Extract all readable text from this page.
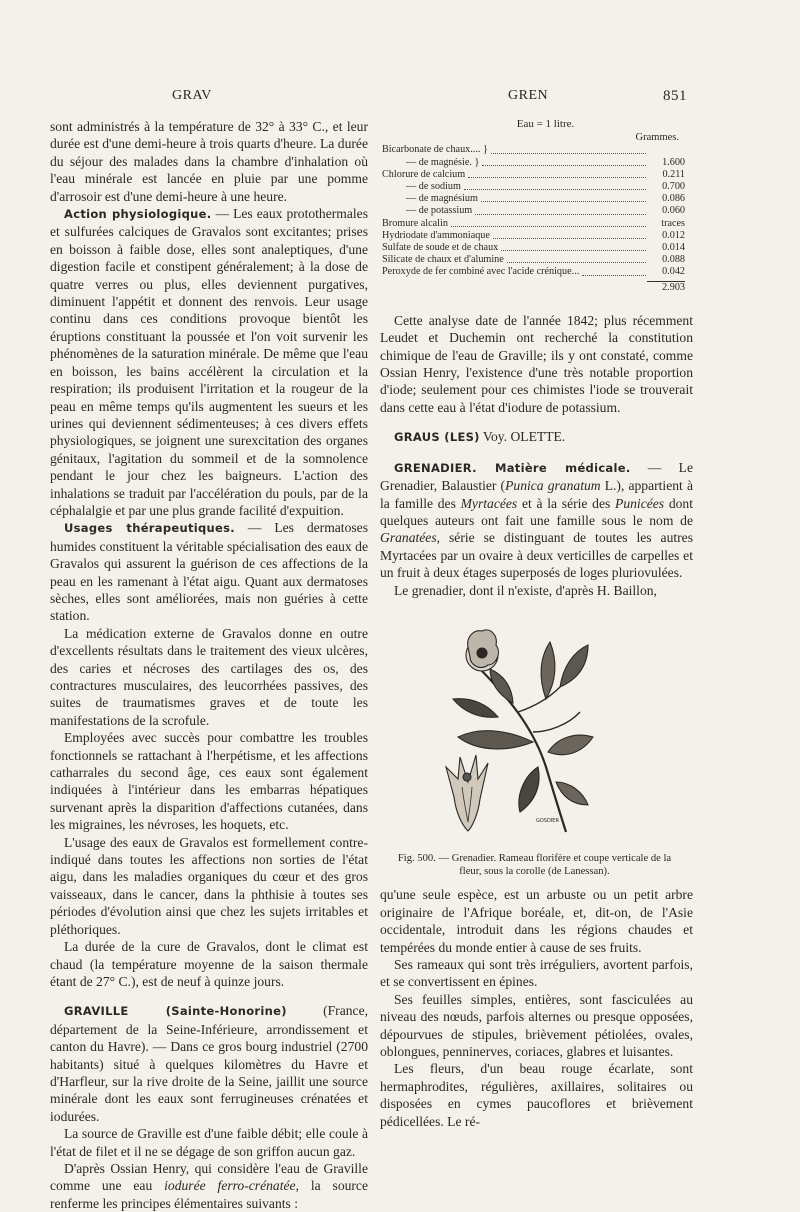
GRAV	GREN	851

sont administrés à la température de 32° à 33° C., et leur durée est d'une demi-heure à trois quarts d'heure. La durée du séjour des malades dans la chambre d'inhalation où l'eau minérale est lancée en pluie par une pomme d'arrosoir est d'une demi-heure à une heure.

Action physiologique. — Les eaux protothermales et sulfurées calciques de Gravalos sont excitantes; prises en boisson à faible dose, elles sont analeptiques, d'une digestion facile et constipent généralement; à la dose de quatre verres ou plus, elles deviennent purgatives, diminuent l'appétit et donnent des renvois. Leur usage continu dans ces conditions provoque bientôt les éruptions constituant la poussée et l'on voit survenir les phénomènes de la saturation minérale. De même que l'eau en boisson, les bains accélèrent la circulation et la respiration; ils produisent l'irritation et la rougeur de la peau en même temps qu'ils augmentent les sueurs et les urines qui deviennent sédimenteuses; à ces divers effets physiologiques, se joignent une surexcitation des organes génitaux, l'agitation du sommeil et de la somnolence pendant le jour chez les baigneurs. L'action des inhalations se traduit par l'accélération du pouls, par de la céphalalgie et par une plus grande facilité d'expuition.

Usages thérapeutiques. — Les dermatoses humides constituent la véritable spécialisation des eaux de Gravalos qui assurent la guérison de ces affections de la peau en les ramenant à l'état aigu. Quant aux dermatoses sèches, elles sont améliorées, mais non guéries à cette station.

La médication externe de Gravalos donne en outre d'excellents résultats dans le traitement des vieux ulcères, des caries et nécroses des cartilages des os, des contractures musculaires, des leucorrhées passives, des suites de traumatismes graves et de toute les manifestations de la scrofule.

Employées avec succès pour combattre les troubles fonctionnels se rattachant à l'herpétisme, et les affections catharrales du second âge, ces eaux sont également indiquées à l'intérieur dans les embarras hépatiques survenant après la disparition d'affections cutanées, dans les migraines, les névroses, les hoquets, etc.

L'usage des eaux de Gravalos est formellement contre-indiqué dans toutes les affections non sorties de l'état aigu, dans les maladies organiques du cœur et des gros vaisseaux, dans le cancer, dans la phthisie à toutes ses périodes d'évolution ainsi que chez les sujets irritables et pléthoriques.

La durée de la cure de Gravalos, dont le climat est chaud (la température moyenne de la saison thermale étant de 27° C.), est de neuf à quinze jours.

GRAVILLE (Sainte-Honorine) (France, département de la Seine-Inférieure, arrondissement et canton du Havre). — Dans ce gros bourg industriel (2700 habitants) situé à quelques kilomètres du Havre et d'Harfleur, sur la rive droite de la Seine, jaillit une source minérale dont les eaux sont ferrugineuses crénatées et iodurées.

La source de Graville est d'une faible débit; elle coule à l'état de filet et il ne se dégage de son griffon aucun gaz.

D'après Ossian Henry, qui considère l'eau de Graville comme une eau iodurée ferro-crénatée, la source renferme les principes élémentaires suivants :

Eau = 1 litre.
Grammes.
Bicarbonate de chaux.... }
— de magnésie. }	1.600
Chlorure de calcium	0.211
— de sodium	0.700
— de magnésium	0.086
— de potassium	0.060
Bromure alcalin	traces
Hydriodate d'ammoniaque	0.012
Sulfate de soude et de chaux	0.014
Silicate de chaux et d'alumine	0.088
Peroxyde de fer combiné avec l'acide crénique...	0.042
2.903

Cette analyse date de l'année 1842; plus récemment Leudet et Duchemin ont recherché la constitution chimique de l'eau de Graville; ils y ont constaté, comme Ossian Henry, l'existence d'une très notable proportion d'iode; seulement pour ces chimistes l'iode se trouverait dans cette eau à l'état d'iodure de potassium.

GRAUS (LES) Voy. OLETTE.

GRENADIER. Matière médicale. — Le Grenadier, Balaustier (Punica granatum L.), appartient à la famille des Myrtacées et à la série des Punicées dont quelques auteurs ont fait une famille sous le nom de Granatées, série se distinguant de toutes les autres Myrtacées par un ovaire à deux verticilles de carpelles et un fruit à deux étages superposés de loges pluriovulées.

Le grenadier, dont il n'existe, d'après H. Baillon,

GOSDIER
Fig. 500. — Grenadier. Rameau florifère et coupe verticale de la fleur, sous la corolle (de Lanessan).

qu'une seule espèce, est un arbuste ou un petit arbre originaire de l'Afrique boréale, et, dit-on, de l'Asie occidentale, introduit dans les régions chaudes et tempérées du monde entier à cause de ses fruits.

Ses rameaux qui sont très irréguliers, avortent parfois, et se convertissent en épines.

Ses feuilles simples, entières, sont fasciculées au niveau des nœuds, parfois alternes ou presque opposées, dépourvues de stipules, brièvement pétiolées, ovales, oblongues, penninerves, coriaces, glabres et luisantes.

Les fleurs, d'un beau rouge écarlate, sont hermaphrodites, régulières, axillaires, solitaires ou disposées en cymes paucoflores et brièvement pédicellées. Le ré-
